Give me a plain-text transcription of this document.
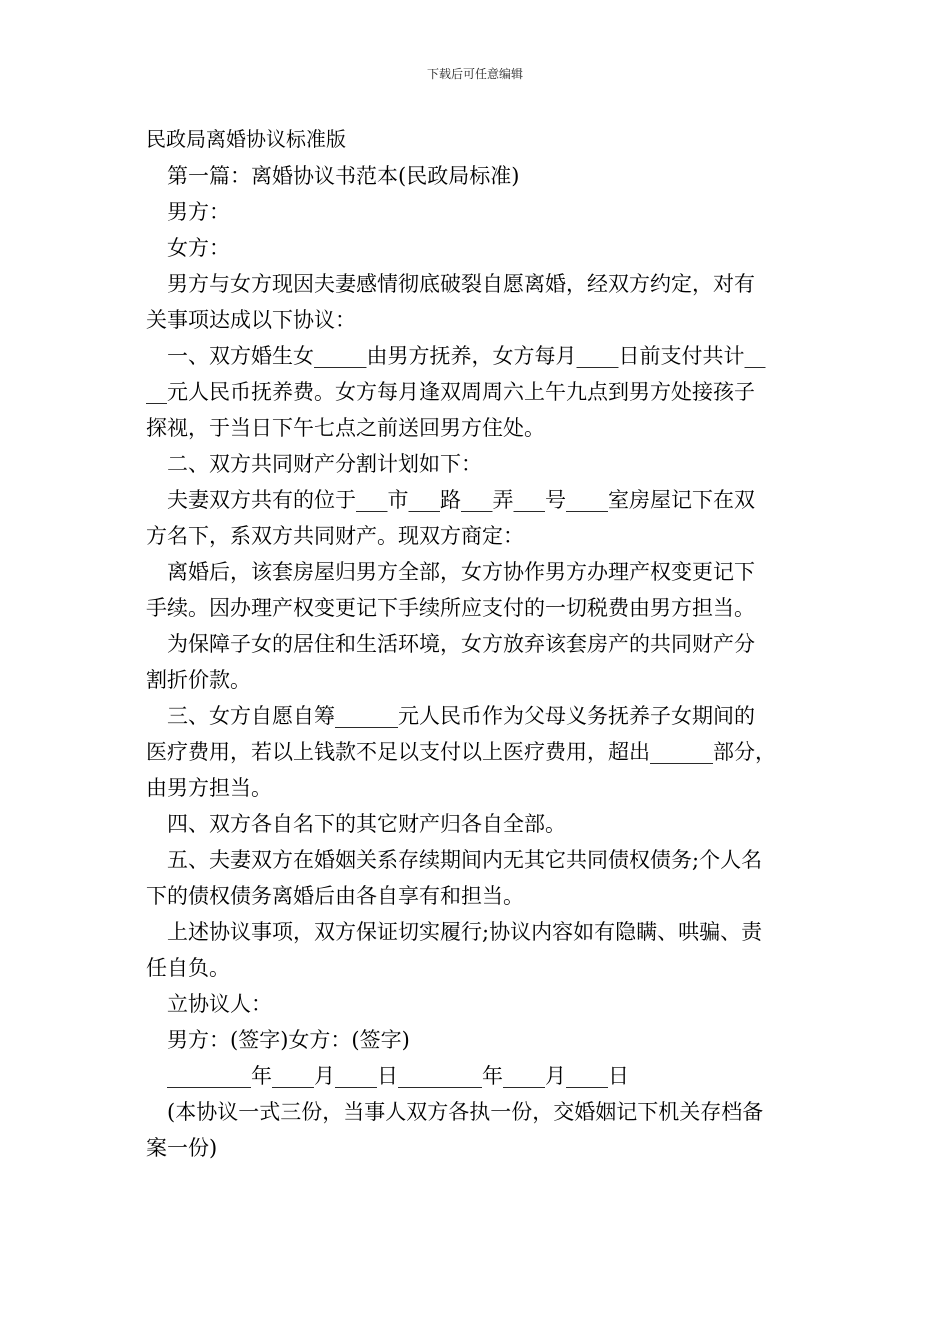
下载后可任意编辑
民政局离婚协议标准版
第一篇：离婚协议书范本(民政局标准)
男方：
女方：
男方与女方现因夫妻感情彻底破裂自愿离婚，经双方约定，对有
关事项达成以下协议：
一、双方婚生女_____由男方抚养，女方每月____日前支付共计__
__元人民币抚养费。女方每月逢双周周六上午九点到男方处接孩子
探视，于当日下午七点之前送回男方住处。
二、双方共同财产分割计划如下：
夫妻双方共有的位于___市___路___弄___号____室房屋记下在双
方名下，系双方共同财产。现双方商定：
离婚后，该套房屋归男方全部，女方协作男方办理产权变更记下
手续。因办理产权变更记下手续所应支付的一切税费由男方担当。
为保障子女的居住和生活环境，女方放弃该套房产的共同财产分
割折价款。
三、女方自愿自筹______元人民币作为父母义务抚养子女期间的
医疗费用，若以上钱款不足以支付以上医疗费用，超出______部分，
由男方担当。
四、双方各自名下的其它财产归各自全部。
五、夫妻双方在婚姻关系存续期间内无其它共同债权债务;个人名
下的债权债务离婚后由各自享有和担当。
上述协议事项，双方保证切实履行;协议内容如有隐瞒、哄骗、责
任自负。
立协议人：
男方：(签字)女方：(签字)
________年____月____日________年____月____日
(本协议一式三份，当事人双方各执一份，交婚姻记下机关存档备
案一份)
